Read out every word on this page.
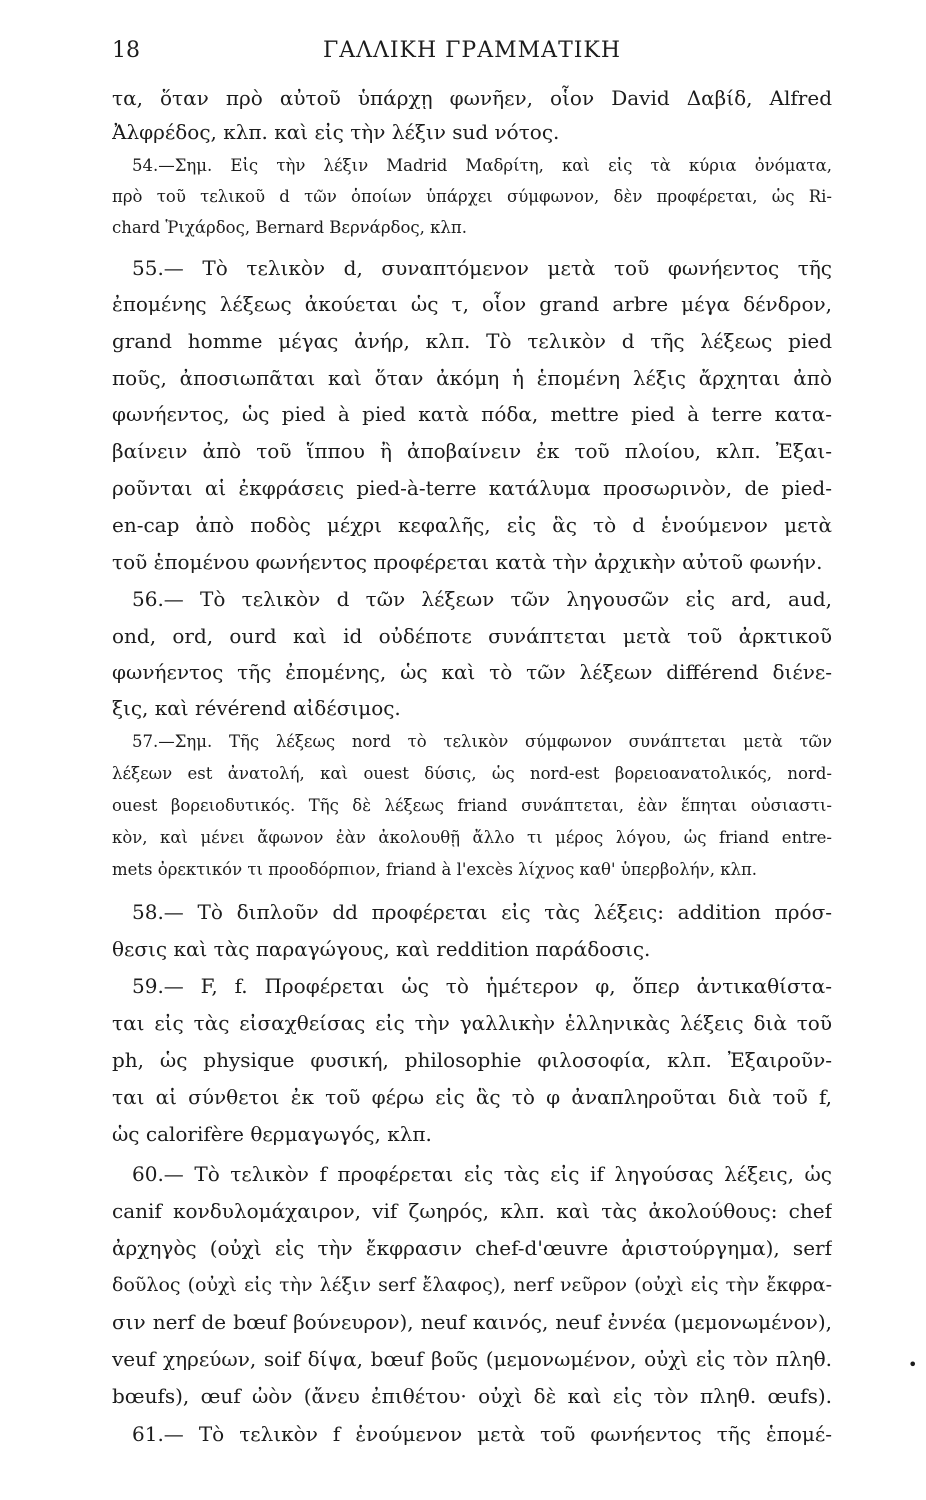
18	ΓΑΛΛΙΚΗ ΓΡΑΜΜΑΤΙΚΗ
τα, ὅταν πρὸ αὐτοῦ ὑπάρχῃ φωνῆεν, οἷον David Δαβίδ, Alfred
Ἀλφρέδος, κλπ. καὶ εἰς τὴν λέξιν sud νότος.
54.—Σημ. Εἰς τὴν λέξιν Madrid Μαδρίτη, καὶ εἰς τὰ κύρια ὀνόματα,
πρὸ τοῦ τελικοῦ d τῶν ὁποίων ὑπάρχει σύμφωνον, δὲν προφέρεται, ὡς Ri-
chard Ῥιχάρδος, Bernard Βερνάρδος, κλπ.
55.— Τὸ τελικὸν d, συναπτόμενον μετὰ τοῦ φωνήεντος τῆς
ἐπομένης λέξεως ἀκούεται ὡς τ, οἷον grand arbre μέγα δένδρον,
grand homme μέγας ἀνήρ, κλπ. Τὸ τελικὸν d τῆς λέξεως pied
ποῦς, ἀποσιωπᾶται καὶ ὅταν ἀκόμη ἡ ἑπομένη λέξις ἄρχηται ἀπὸ
φωνήεντος, ὡς pied à pied κατὰ πόδα, mettre pied à terre κατα-
βαίνειν ἀπὸ τοῦ ἵππου ἢ ἀποβαίνειν ἐκ τοῦ πλοίου, κλπ. Ἐξαι-
ροῦνται αἱ ἐκφράσεις pied-à-terre κατάλυμα προσωρινὸν, de pied-
en-cap ἀπὸ ποδὸς μέχρι κεφαλῆς, εἰς ἃς τὸ d ἑνούμενον μετὰ
τοῦ ἑπομένου φωνήεντος προφέρεται κατὰ τὴν ἀρχικὴν αὐτοῦ φωνήν.
56.— Τὸ τελικὸν d τῶν λέξεων τῶν ληγουσῶν εἰς ard, aud,
ond, ord, ourd καὶ id οὐδέποτε συνάπτεται μετὰ τοῦ ἀρκτικοῦ
φωνήεντος τῆς ἐπομένης, ὡς καὶ τὸ τῶν λέξεων différend διένε-
ξις, καὶ révérend αἰδέσιμος.
57.—Σημ. Τῆς λέξεως nord τὸ τελικὸν σύμφωνον συνάπτεται μετὰ τῶν
λέξεων est ἀνατολή, καὶ ouest δύσις, ὡς nord-est βορειοανατολικός, nord-
ouest βορειοδυτικός. Τῆς δὲ λέξεως friand συνάπτεται, ἐὰν ἕπηται οὐσιαστι-
κὸν, καὶ μένει ἄφωνον ἐὰν ἀκολουθῇ ἄλλο τι μέρος λόγου, ὡς friand entre-
mets ὀρεκτικόν τι προοδόρπιον, friand à l'excès λίχνος καθ' ὑπερβολήν, κλπ.
58.— Τὸ διπλοῦν dd προφέρεται εἰς τὰς λέξεις: addition πρόσ-
θεσις καὶ τὰς παραγώγους, καὶ reddition παράδοσις.
59.— F, f. Προφέρεται ὡς τὸ ἡμέτερον φ, ὅπερ ἀντικαθίστα-
ται εἰς τὰς εἰσαχθείσας εἰς τὴν γαλλικὴν ἑλληνικὰς λέξεις διὰ τοῦ
ph, ὡς physique φυσική, philosophie φιλοσοφία, κλπ. Ἐξαιροῦν-
ται αἱ σύνθετοι ἐκ τοῦ φέρω εἰς ἃς τὸ φ ἀναπληροῦται διὰ τοῦ f,
ὡς calorifère θερμαγωγός, κλπ.
60.— Τὸ τελικὸν f προφέρεται εἰς τὰς εἰς if ληγούσας λέξεις, ὡς
canif κονδυλομάχαιρον, vif ζωηρός, κλπ. καὶ τὰς ἀκολούθους: chef
ἀρχηγὸς (οὐχὶ εἰς τὴν ἔκφρασιν chef-d'œuvre ἀριστούργημα), serf
δοῦλος (οὐχὶ εἰς τὴν λέξιν serf ἔλαφος), nerf νεῦρον (οὐχὶ εἰς τὴν ἔκφρα-
σιν nerf de bœuf βούνευρον), neuf καινός, neuf ἐννέα (μεμονωμένον),
veuf χηρεύων, soif δίψα, bœuf βοῦς (μεμονωμένον, οὐχὶ εἰς τὸν πληθ.
bœufs), œuf ὠὸν (ἄνευ ἐπιθέτου· οὐχὶ δὲ καὶ εἰς τὸν πληθ. œufs).
61.— Τὸ τελικὸν f ἑνούμενον μετὰ τοῦ φωνήεντος τῆς ἑπομέ-
•
